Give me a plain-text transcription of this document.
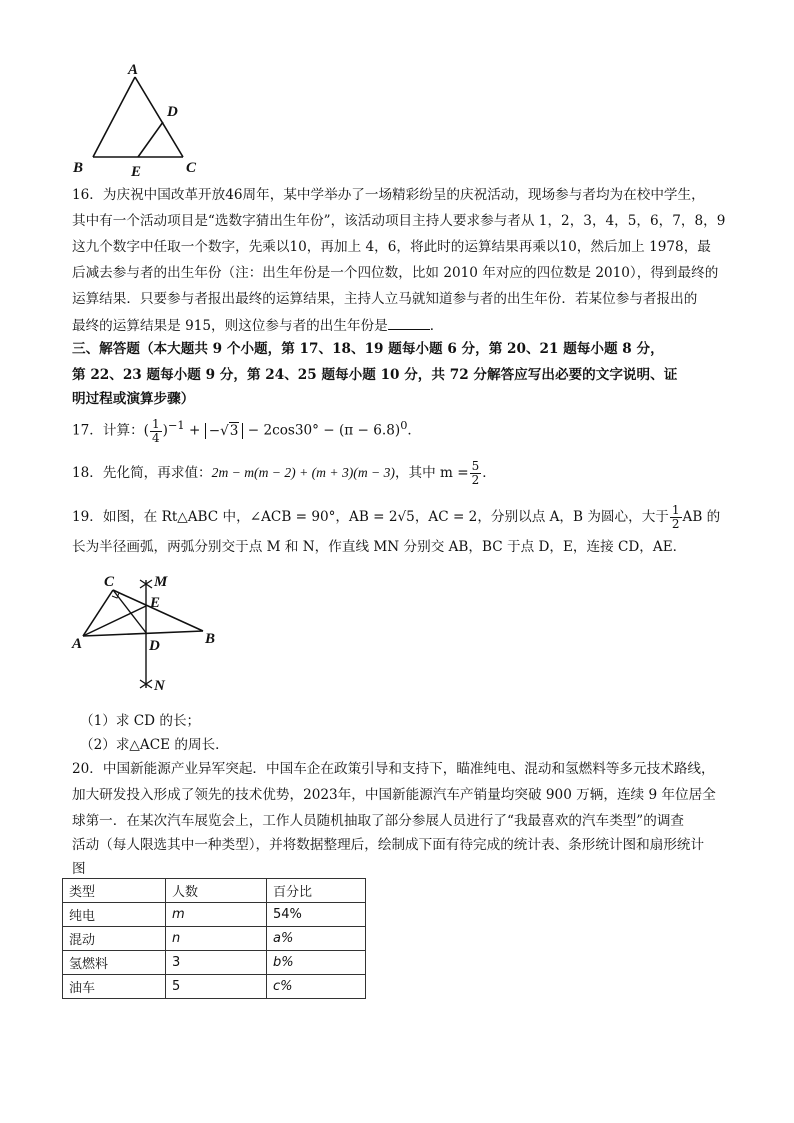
A
D
B	E	C
16．为庆祝中国改革开放46周年，某中学举办了一场精彩纷呈的庆祝活动，现场参与者均为在校中学生，
其中有一个活动项目是“选数字猜出生年份”，该活动项目主持人要求参与者从 1，2，3，4，5，6，7，8，9
这九个数字中任取一个数字，先乘以10，再加上 4，6，将此时的运算结果再乘以10，然后加上 1978，最
后减去参与者的出生年份（注：出生年份是一个四位数，比如 2010 年对应的四位数是 2010），得到最终的
运算结果．只要参与者报出最终的运算结果，主持人立马就知道参与者的出生年份．若某位参与者报出的
最终的运算结果是 915，则这位参与者的出生年份是	．
三、解答题（本大题共 9 个小题，第 17、18、19 题每小题 6 分，第 20、21 题每小题 8 分，
第 22、23 题每小题 9 分，第 24、25 题每小题 10 分，共 72 分解答应写出必要的文字说明、证
明过程或演算步骤）
17．计算：( $\frac{1}{4} )^{-1} + -√3 - 2\cos 30^\circ - (\pi - 6.8)^0$．
18．先化简，再求值：2m − m(m − 2) + (m + 3)(m − 3)，其中 $m = \frac{5}{2}$ ．
19．如图，在 Rt△ABC 中，∠ACB = 90°，AB = 2√5，AC = 2，分别以点 A，B 为圆心，大于 $\frac{1}{2}$ AB 的
长为半径画弧，两弧分别交于点 M 和 N，作直线 MN 分别交 AB，BC 于点 D，E，连接 CD，AE．
C	M
E
A	D	B
N
（1）求 CD 的长；
（2）求△ACE 的周长．
20．中国新能源产业异军突起．中国车企在政策引导和支持下，瞄准纯电、混动和氢燃料等多元技术路线，
加大研发投入形成了领先的技术优势，2023年，中国新能源汽车产销量均突破 900 万辆，连续 9 年位居全
球第一．在某次汽车展览会上，工作人员随机抽取了部分参展人员进行了“我最喜欢的汽车类型”的调查
活动（每人限选其中一种类型），并将数据整理后，绘制成下面有待完成的统计表、条形统计图和扇形统计
图
类型	人数	百分比
纯电	m	54%
混动	n	a%
氢燃料	3	b%
油车	5	c%
